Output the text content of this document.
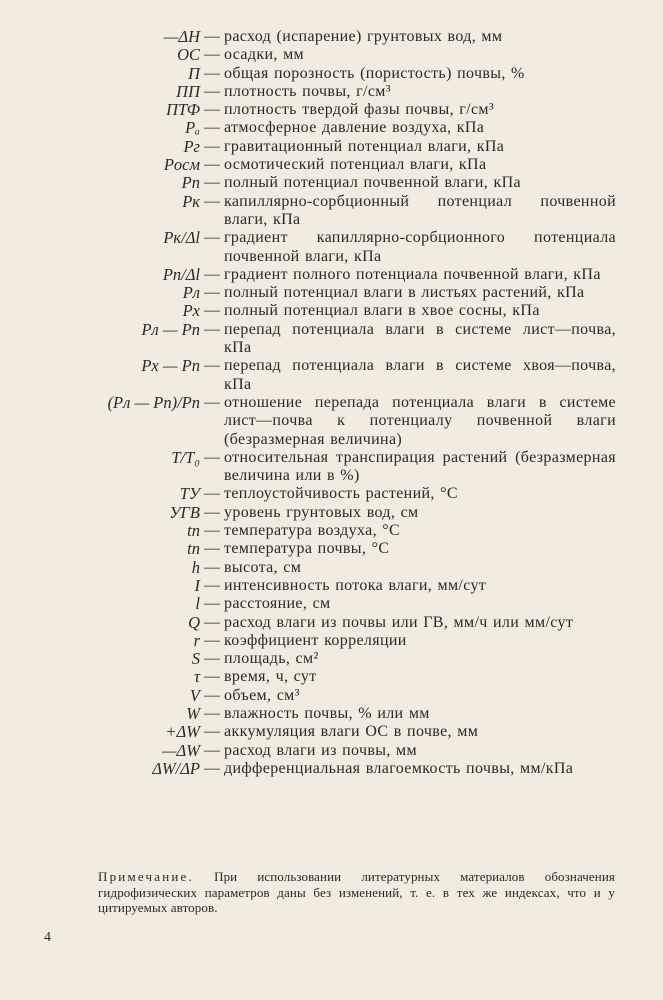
—ΔH — расход (испарение) грунтовых вод, мм
ОС — осадки, мм
П — общая порозность (пористость) почвы, %
ПП — плотность почвы, г/см³
ПТФ — плотность твердой фазы почвы, г/см³
Pₐ — атмосферное давление воздуха, кПа
Pг — гравитационный потенциал влаги, кПа
Pосм — осмотический потенциал влаги, кПа
Pп — полный потенциал почвенной влаги, кПа
Pк — капиллярно-сорбционный потенциал почвенной влаги, кПа
Pк/Δl — градиент капиллярно-сорбционного потенциала почвенной влаги, кПа
Pп/Δl — градиент полного потенциала почвенной влаги, кПа
Pл — полный потенциал влаги в листьях растений, кПа
Pх — полный потенциал влаги в хвое сосны, кПа
Pл — Pп — перепад потенциала влаги в системе лист—почва, кПа
Pх — Pп — перепад потенциала влаги в системе хвоя—почва, кПа
(Pл — Pп)/Pп — отношение перепада потенциала влаги в системе лист—почва к потенциалу почвенной влаги (безразмерная величина)
T/T₀ — относительная транспирация растений (безразмерная величина или в %)
ТУ — теплоустойчивость растений, °С
УГВ — уровень грунтовых вод, см
tп — температура воздуха, °С
tп — температура почвы, °С
h — высота, см
I — интенсивность потока влаги, мм/сут
l — расстояние, см
Q — расход влаги из почвы или ГВ, мм/ч или мм/сут
r — коэффициент корреляции
S — площадь, см²
τ — время, ч, сут
V — объем, см³
W — влажность почвы, % или мм
+ΔW — аккумуляция влаги ОС в почве, мм
—ΔW — расход влаги из почвы, мм
ΔW/ΔP — дифференциальная влагоемкость почвы, мм/кПа
Примечание. При использовании литературных материалов обозначения гидрофизических параметров даны без изменений, т. е. в тех же индексах, что и у цитируемых авторов.
4
